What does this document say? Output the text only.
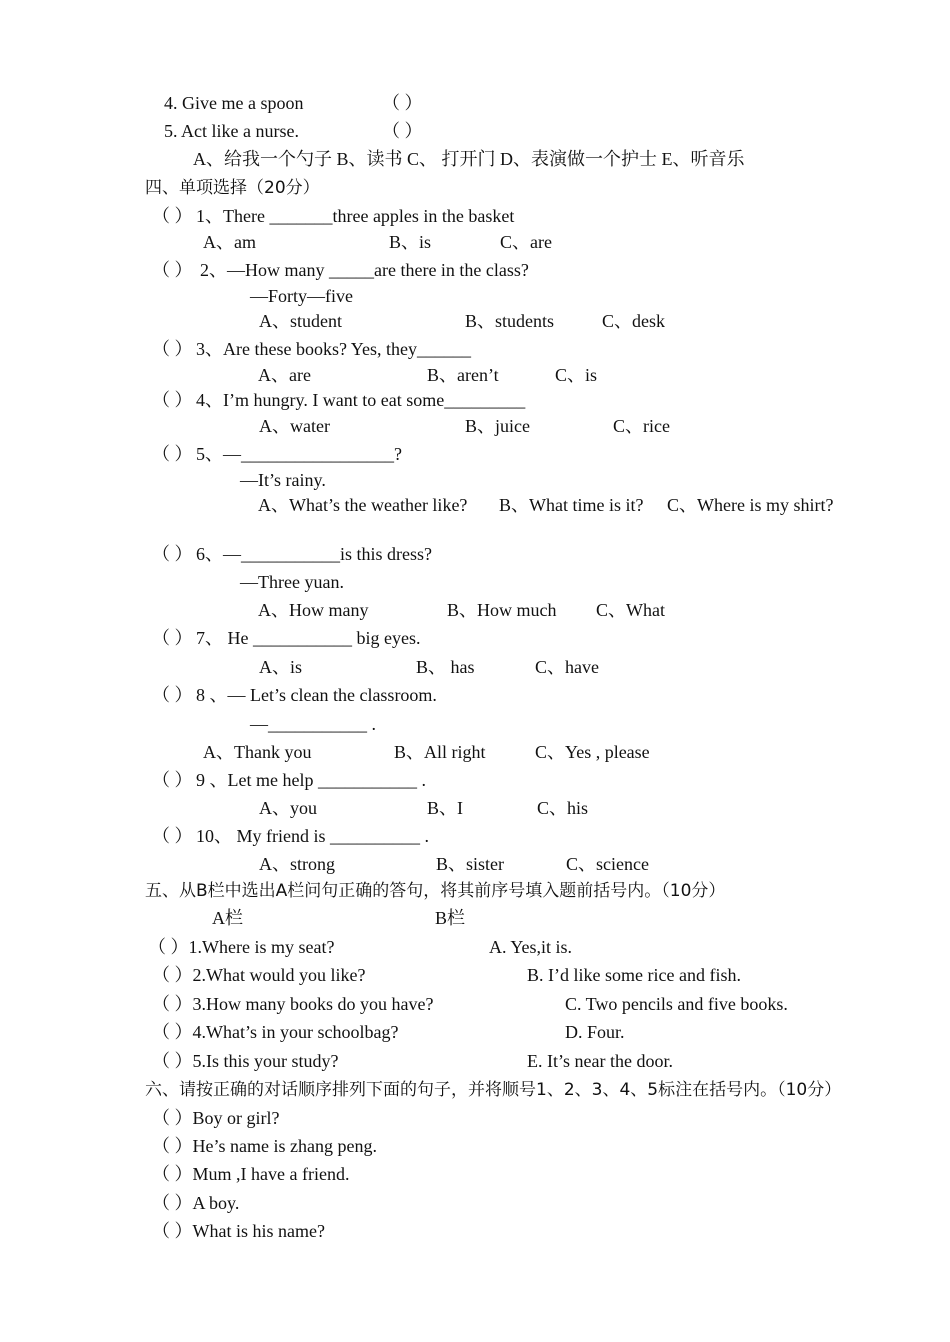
4. Give me a spoon	（ ）
5. Act like a nurse.	（ ）
A、给我一个勺子 B、读书 C、 打开门 D、表演做一个护士 E、听音乐
四、单项选择（20分）
（ ） 1、There _______three apples in the basket
A、am	B、is	C、are
（ ） 2、—How many _____are there in the class?
—Forty—five
A、student	B、students	C、desk
（ ） 3、Are these books? Yes, they______
A、are	B、aren’t	C、is
（ ） 4、I’m hungry. I want to eat some_________
A、water	B、juice	C、rice
（ ） 5、—_________________?
—It’s rainy.
A、What’s the weather like? B、What time is it? C、Where is my shirt?
（ ） 6、—___________is this dress?
—Three yuan.
A、How many	B、How much C、What
（ ） 7、 He ___________ big eyes.
A、is	B、 has	C、have
（ ） 8 、— Let’s clean the classroom.
—___________ .
A、Thank you	B、All right	C、Yes , please
（ ） 9 、Let me help ___________ .
A、you	B、I	C、his
（ ） 10、 My friend is __________ .
A、strong	B、sister	C、science
五、从B栏中选出A栏问句正确的答句，将其前序号填入题前括号内。（10分）
A栏	B栏
（ ）1.Where is my seat?	A. Yes,it is.
（ ）2.What would you like?	B. I’d like some rice and fish.
（ ）3.How many books do you have?	C. Two pencils and five books.
（ ）4.What’s in your schoolbag?	D. Four.
（ ）5.Is this your study?	E. It’s near the door.
六、请按正确的对话顺序排列下面的句子，并将顺号1、2、3、4、5标注在括号内。（10分）
（ ）Boy or girl?
（ ）He’s name is zhang peng.
（ ）Mum ,I have a friend.
（ ）A boy.
（ ）What is his name?
